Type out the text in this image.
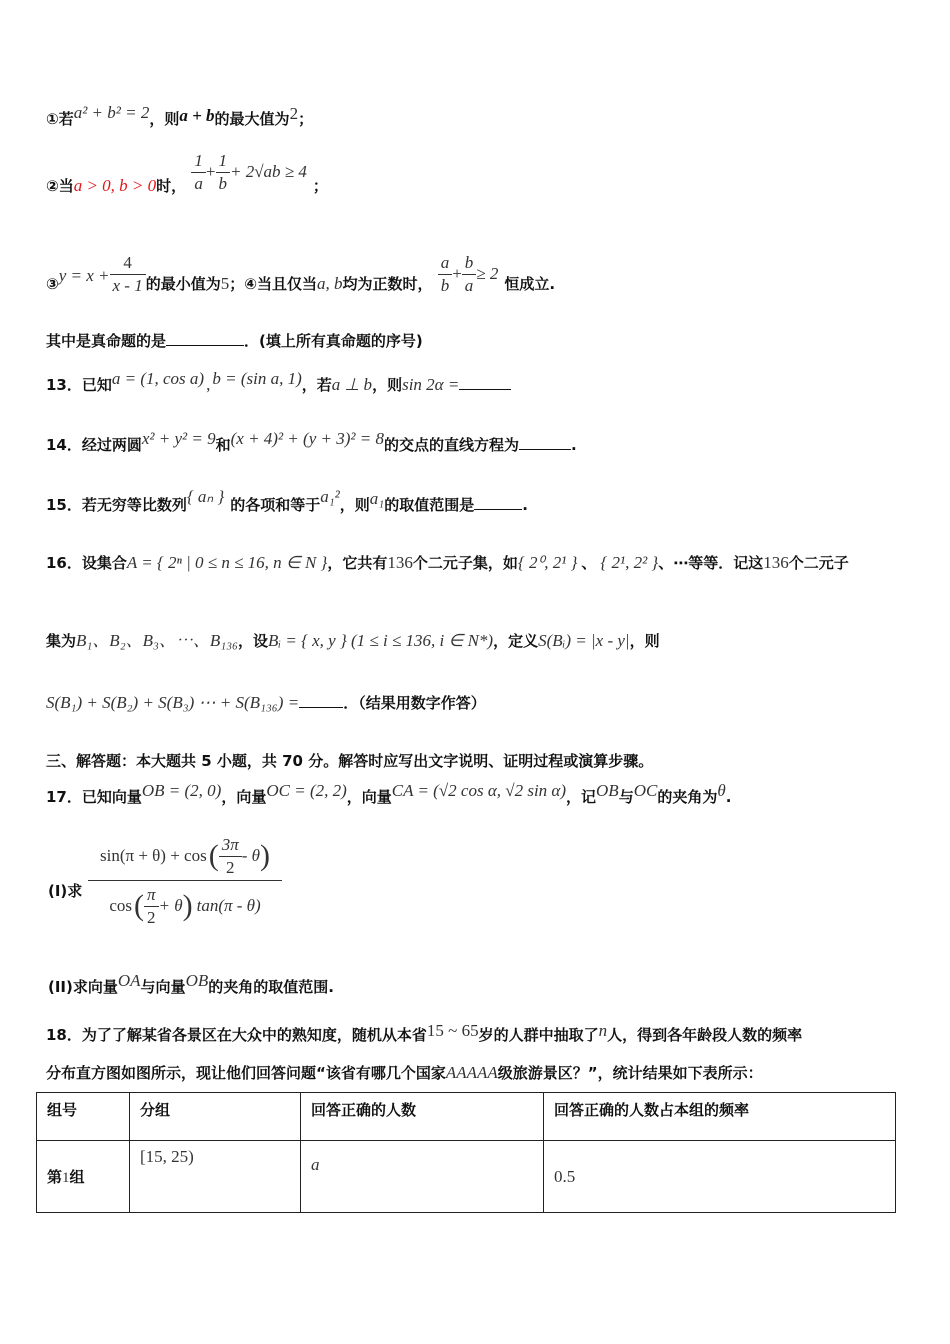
①若a² + b² = 2，则a + b的最大值为2；
②当a > 0, b > 0时， $\frac{1}{a} + \frac{1}{b} + 2√ab \ge 4$；
③y = $x + \frac{4}{x - 1}$ 的最小值为5；④当且仅当a, b均为正数时， $\frac{a}{b} + \frac{b}{a} \ge 2$恒成立.
其中是真命题的是	．(填上所有真命题的序号)
13．已知a = (1, cos a) , b = (sin a, 1)，若a ⊥ b，则sin 2α =
14．经过两圆x² + y² = 9和(x + 4)² + (y + 3)² = 8的交点的直线方程为	.
15．若无穷等比数列{ aₙ } 的各项和等于a₁²，则a₁的取值范围是	.
16．设集合A = { 2ⁿ | 0 ≤ n ≤ 16, n ∈ N }，它共有136个二元子集，如{ 2⁰, 2¹ } 、 { 2¹, 2² }、⋯等等．记这136个二元子
集为B₁、B₂、B₃、⋯、B₁₃₆，设Bᵢ = { x, y } (1 ≤ i ≤ 136, i ∈ N*)，定义S(Bᵢ) = |x - y|，则
S(B₁) + S(B₂) + S(B₃) ⋯ + S(B₁₃₆) =	．（结果用数字作答）
三、解答题：本大题共 5 小题，共 70 分。解答时应写出文字说明、证明过程或演算步骤。
17．已知向量OB = (2, 0)，向量OC = (2, 2)，向量CA = (√2 cos α, √2 sin α)，记OB与OC的夹角为θ.
(I)求 $\frac{\sin(\pi + \theta) + \cos ( \frac{3\pi}{2} - \theta )}{\cos ( \frac{\pi}{2} + \theta ) \tan(\pi - \theta)}$
(II)求向量OA与向量OB的夹角的取值范围.
18．为了了解某省各景区在大众中的熟知度，随机从本省15 ~ 65岁的人群中抽取了n人，得到各年龄段人数的频率
分布直方图如图所示，现让他们回答问题“该省有哪几个国家AAAAA级旅游景区？”，统计结果如下表所示：
组号	分组	回答正确的人数	回答正确的人数占本组的频率
第1组	[15, 25)	a	0.5
